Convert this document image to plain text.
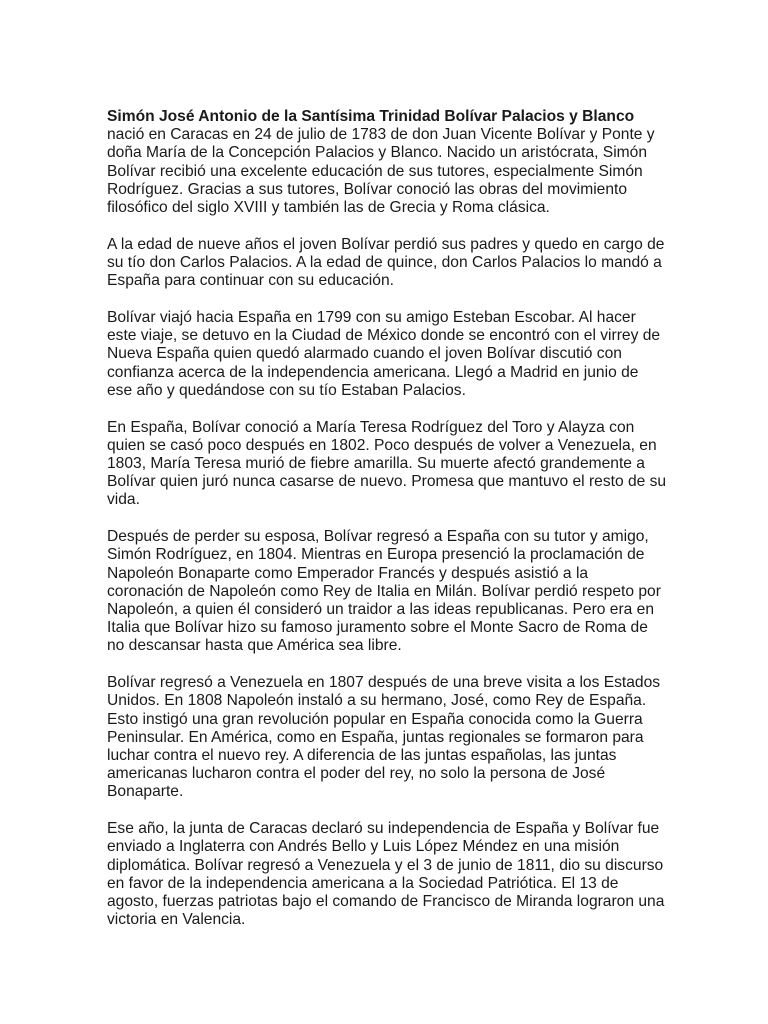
Simón José Antonio de la Santísima Trinidad Bolívar Palacios y Blanco nació en Caracas en 24 de julio de 1783 de don Juan Vicente Bolívar y Ponte y doña María de la Concepción Palacios y Blanco. Nacido un aristócrata, Simón Bolívar recibió una excelente educación de sus tutores, especialmente Simón Rodríguez. Gracias a sus tutores, Bolívar conoció las obras del movimiento filosófico del siglo XVIII y también las de Grecia y Roma clásica.

A la edad de nueve años el joven Bolívar perdió sus padres y quedo en cargo de su tío don Carlos Palacios. A la edad de quince, don Carlos Palacios lo mandó a España para continuar con su educación.

Bolívar viajó hacia España en 1799 con su amigo Esteban Escobar. Al hacer este viaje, se detuvo en la Ciudad de México donde se encontró con el virrey de Nueva España quien quedó alarmado cuando el joven Bolívar discutió con confianza acerca de la independencia americana. Llegó a Madrid en junio de ese año y quedándose con su tío Estaban Palacios.

En España, Bolívar conoció a María Teresa Rodríguez del Toro y Alayza con quien se casó poco después en 1802. Poco después de volver a Venezuela, en 1803, María Teresa murió de fiebre amarilla. Su muerte afectó grandemente a Bolívar quien juró nunca casarse de nuevo. Promesa que mantuvo el resto de su vida.

Después de perder su esposa, Bolívar regresó a España con su tutor y amigo, Simón Rodríguez, en 1804. Mientras en Europa presenció la proclamación de Napoleón Bonaparte como Emperador Francés y después asistió a la coronación de Napoleón como Rey de Italia en Milán. Bolívar perdió respeto por Napoleón, a quien él consideró un traidor a las ideas republicanas. Pero era en Italia que Bolívar hizo su famoso juramento sobre el Monte Sacro de Roma de no descansar hasta que América sea libre.

Bolívar regresó a Venezuela en 1807 después de una breve visita a los Estados Unidos. En 1808 Napoleón instaló a su hermano, José, como Rey de España. Esto instigó una gran revolución popular en España conocida como la Guerra Peninsular. En América, como en España, juntas regionales se formaron para luchar contra el nuevo rey. A diferencia de las juntas españolas, las juntas americanas lucharon contra el poder del rey, no solo la persona de José Bonaparte.

Ese año, la junta de Caracas declaró su independencia de España y Bolívar fue enviado a Inglaterra con Andrés Bello y Luis López Méndez en una misión diplomática. Bolívar regresó a Venezuela y el 3 de junio de 1811, dio su discurso en favor de la independencia americana a la Sociedad Patriótica. El 13 de agosto, fuerzas patriotas bajo el comando de Francisco de Miranda lograron una victoria en Valencia.
